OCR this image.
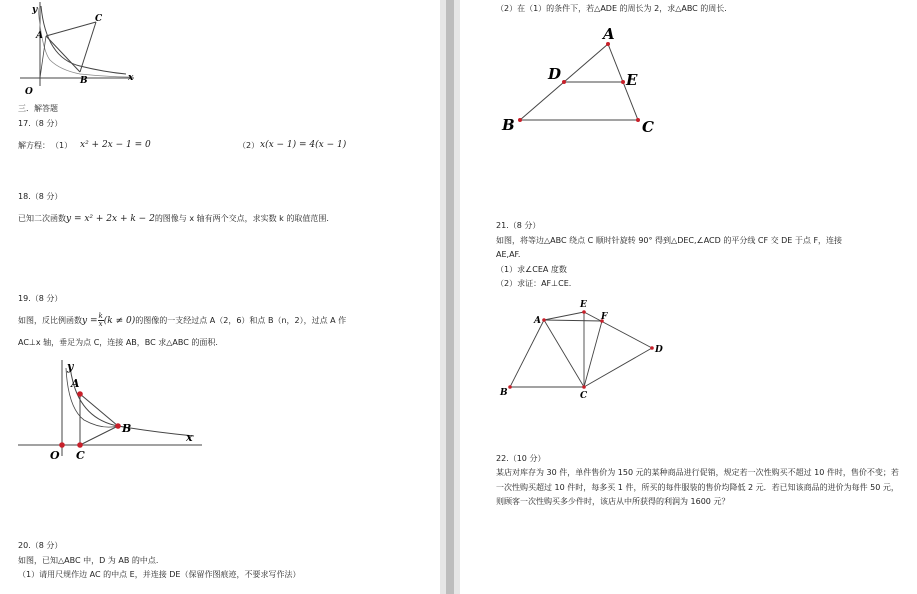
y
A
C
B
O
x
三．解答题
17.（8 分）
解方程： （1） x² + 2x − 1 = 0	（2） x(x − 1) = 4(x − 1)
18.（8 分）
已知二次函数y = x² + 2x + k − 2的图像与 x 轴有两个交点，求实数 k 的取值范围.
19.（8 分）
如图，反比例函数$y = \frac{k}{x} (k \ne 0)$的图像的一支经过点 A（2，6）和点 B（n，2），过点 A 作
AC⊥x 轴，垂足为点 C，连接 AB，BC 求△ABC 的面积.
y
A
B
O C
x
20.（8 分）
如图，已知△ABC 中，D 为 AB 的中点.
（1）请用尺规作边 AC 的中点 E，并连接 DE（保留作图痕迹，不要求写作法）
（2）在（1）的条件下，若△ADE 的周长为 2，求△ABC 的周长.
A
D	E
B	C
21.（8 分）
如图，将等边△ABC 绕点 C 顺时针旋转 90° 得到△DEC,∠ACD 的平分线 CF 交 DE 于点 F，连接
AE,AF.
（1）求∠CEA 度数
（2）求证：AF⊥CE.
A
E
F
D
B	C
22.（10 分）
某店对库存为 30 件，单件售价为 150 元的某种商品进行促销，规定若一次性购买不超过 10 件时，售价不变；若一次性购买超过 10 件时，每多买 1 件，所买的每件服装的售价均降低 2 元．若已知该商品的进价为每件 50 元，则顾客一次性购买多少件时，该店从中所获得的利润为 1600 元？
